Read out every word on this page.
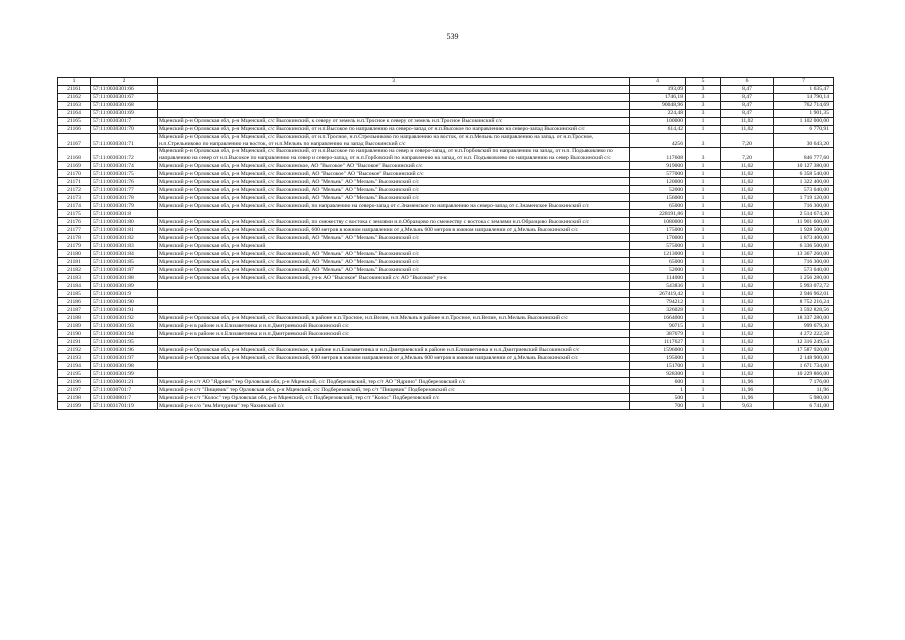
539
1	2	3	4	5	6	7
21161	57:11:0030301:66		193,09	3	8,47	1 635,47
21162	57:11:0030301:67		1746,18	3	8,47	14 790,14
21163	57:11:0030301:68		90048,96	3	8,47	762 714,69
21164	57:11:0030301:69		224,48	3	8,47	1 901,35
21165	57:11:0030301:7	Мценский р-н Орловская обл, р-н Мценский, с/с Высокинский, к северу от земель н.п.Тросное к северу от земель н.п.Тросное Высокинский с/с	100000	1	11,02	1 102 000,00
21166	57:11:0030301:70	Мценский р-н Орловская обл, р-н Мценский, с/с Высокинский, от н.п.Высокое по направлению на северо-запад от н.п.Высокое по направлению на северо-запад Высокинский с/с	614,42	1	11,02	6 770,91
21167	57:11:0030301:71	Мценский р-н Орловская обл, р-н Мценский, с/с Высокинский, от н.п.Тросное, н.п.Стрельниково по направлению на восток, от н.п.Мельнь по направлению на запад. от н.п.Тросное, н.п.Стрельниково по направлению на восток, от н.п.Мельнь по направлению на запад Высокинский с/с	4256	3	7,20	30 643,20
21168	57:11:0030301:72	Мценский р-н Орловская обл, р-н Мценский, с/с Высокинский, от н.п.Высокое по направлению на север и северо-запад, от н.п.Горбовский по направлению на запад, от н.п. Подъяковлево по направлению на север от н.п.Высокое по направлению на север и северо-запад, от н.п.Горбовский по направлению на запад, от н.п. Подъяковлево по направлению на север Высокинский с/с	117608	3	7,20	846 777,60
21169	57:11:0030301:74	Мценский р-н Орловская обл, р-н Мценский, с/с Высокинское, АО "Высокое" АО "Высокое" Высокинский с/с	919000	1	11,02	10 127 380,00
21170	57:11:0030301:75	Мценский р-н Орловская обл, р-н Мценский, с/с Высокинский, АО "Высокое" АО "Высокое" Высокинский с/с	577000	1	11,02	6 358 540,00
21171	57:11:0030301:76	Мценский р-н Орловская обл, р-н Мценский, с/с Высокинский, АО "Мельнь" АО "Мельнь" Высокинский с/с	120000	1	11,02	1 322 400,00
21172	57:11:0030301:77	Мценский р-н Орловская обл, р-н Мценский, с/с Высокинский, АО "Мельнь" АО "Мельнь" Высокинский с/с	52000	1	11,02	573 040,00
21173	57:11:0030301:78	Мценский р-н Орловская обл, р-н Мценский, с/с Высокинский, АО "Мельнь" АО "Мельнь" Высокинский с/с	156000	1	11,02	1 719 120,00
21174	57:11:0030301:79	Мценский р-н Орловская обл, р-н Мценский, с/с Высокинский, по направлению на северо-запад от с.Знаменское по направлению на северо-запад от с.Знаменское Высокинский с/с	65000	1	11,02	716 300,00
21175	57:11:0030301:8		228191,86	1	11,02	2 514 674,30
21176	57:11:0030301:80	Мценский р-н Орловская обл, р-н Мценский, с/с Высокинский, по смежеству с востока с землями н.п.Образцово по смежеству с востока с землями н.п.Образцово Высокинский с/с	1080000	1	11,02	11 901 600,00
21177	57:11:0030301:81	Мценский р-н Орловская обл, р-н Мценский, с/с Высокинский, 600 метров в южном направлении от д.Мельнь 600 метров в южном направлении от д.Мельнь Высокинский с/с	175000	1	11,02	1 928 500,00
21178	57:11:0030301:82	Мценский р-н Орловская обл, р-н Мценский, с/с Высокинский, АО "Мельнь" АО "Мельнь" Высокинский с/с	170000	1	11,02	1 873 400,00
21179	57:11:0030301:83	Мценский р-н Орловская обл, р-н Мценский	575000	1	11,02	6 336 500,00
21180	57:11:0030301:84	Мценский р-н Орловская обл, р-н Мценский, с/с Высокинский, АО "Мельнь" АО "Мельнь" Высокинский с/с	1213000	1	11,02	13 367 260,00
21181	57:11:0030301:85	Мценский р-н Орловская обл, р-н Мценский, с/с Высокинский, АО "Мельнь" АО "Мельнь" Высокинский с/с	65000	1	11,02	716 300,00
21182	57:11:0030301:87	Мценский р-н Орловская обл, р-н Мценский, с/с Высокинский, АО "Мельнь" АО "Мельнь" Высокинский с/с	52000	1	11,02	573 040,00
21183	57:11:0030301:88	Мценский р-н Орловская обл, р-н Мценский, с/с Высокинский, уч-к АО "Высокое" Высокинский с/с АО "Высокое" уч-к	114000	1	11,02	1 256 280,00
21184	57:11:0030301:89		543836	1	11,02	5 993 072,72
21185	57:11:0030301:9		267419,42	1	11,02	2 946 962,01
21186	57:11:0030301:90		794212	1	11,02	8 752 216,24
21187	57:11:0030301:91		326028	1	11,02	3 592 828,56
21188	57:11:0030301:92	Мценский р-н Орловская обл, р-н Мценский, с/с Высокинский, в районе н.п.Тросное, н.п.Велие, н.п.Мельнь в районе н.п.Тросное, н.п.Велие, н.п.Мельнь Высокинский с/с	1664000	1	11,02	18 337 280,00
21189	57:11:0030301:93	Мценский р-н в районе н.п.Елизаветинка и н.п.Дмитриевский Высокинский с/с	90715	1	11,02	999 679,30
21190	57:11:0030301:94	Мценский р-н в районе н.п.Елизаветинка и н.п.Дмитриевский Высокинский с/с	387679	1	11,02	4 272 222,58
21191	57:11:0030301:95		1117627	1	11,02	12 316 249,54
21192	57:11:0030301:96	Мценский р-н Орловская обл, р-н Мценский, с/с Высокинское, в районе н.п.Елизаветинка и н.п.Дмитриевский в районе н.п.Елизаветинка и н.п.Дмитриевский Высокинский с/с	1596000	1	11,02	17 587 920,00
21193	57:11:0030301:97	Мценский р-н Орловская обл, р-н Мценский, с/с Высокинский, 600 метров в южном направлении от д.Мельнь 600 метров в южном направлении от д.Мельнь Высокинский с/с	195000	1	11,02	2 148 900,00
21194	57:11:0030301:98		151700	1	11,02	1 671 734,00
21195	57:11:0030301:99		928300	1	11,02	10 229 866,00
21196	57:11:0030601:21	Мценский р-н с/т АО "Ядрино" тер Орловская обл, р-н Мценский, с/с Подберезовский, тер с/т АО "Ядрино" Подберезовский с/с	600	1	11,96	7 176,00
21197	57:11:0030701:7	Мценский р-н с/т "Пищевик" тер Орловская обл, р-н Мценский, с/с Подберезовский, тер с/т "Пищевик" Подберезовский с/с	1	1	11,96	11,96
21198	57:11:0030801:7	Мценский р-н с/т "Колос" тер Орловская обл, р-н Мценский, с/с Подберезовский, тер с/т "Колос" Подберезовский с/с	500	1	11,96	5 980,00
21199	57:11:0031701:19	Мценский р-н с/о "им.Мичурина" тер Чахинский с/с	700	1	9,63	6 741,00
